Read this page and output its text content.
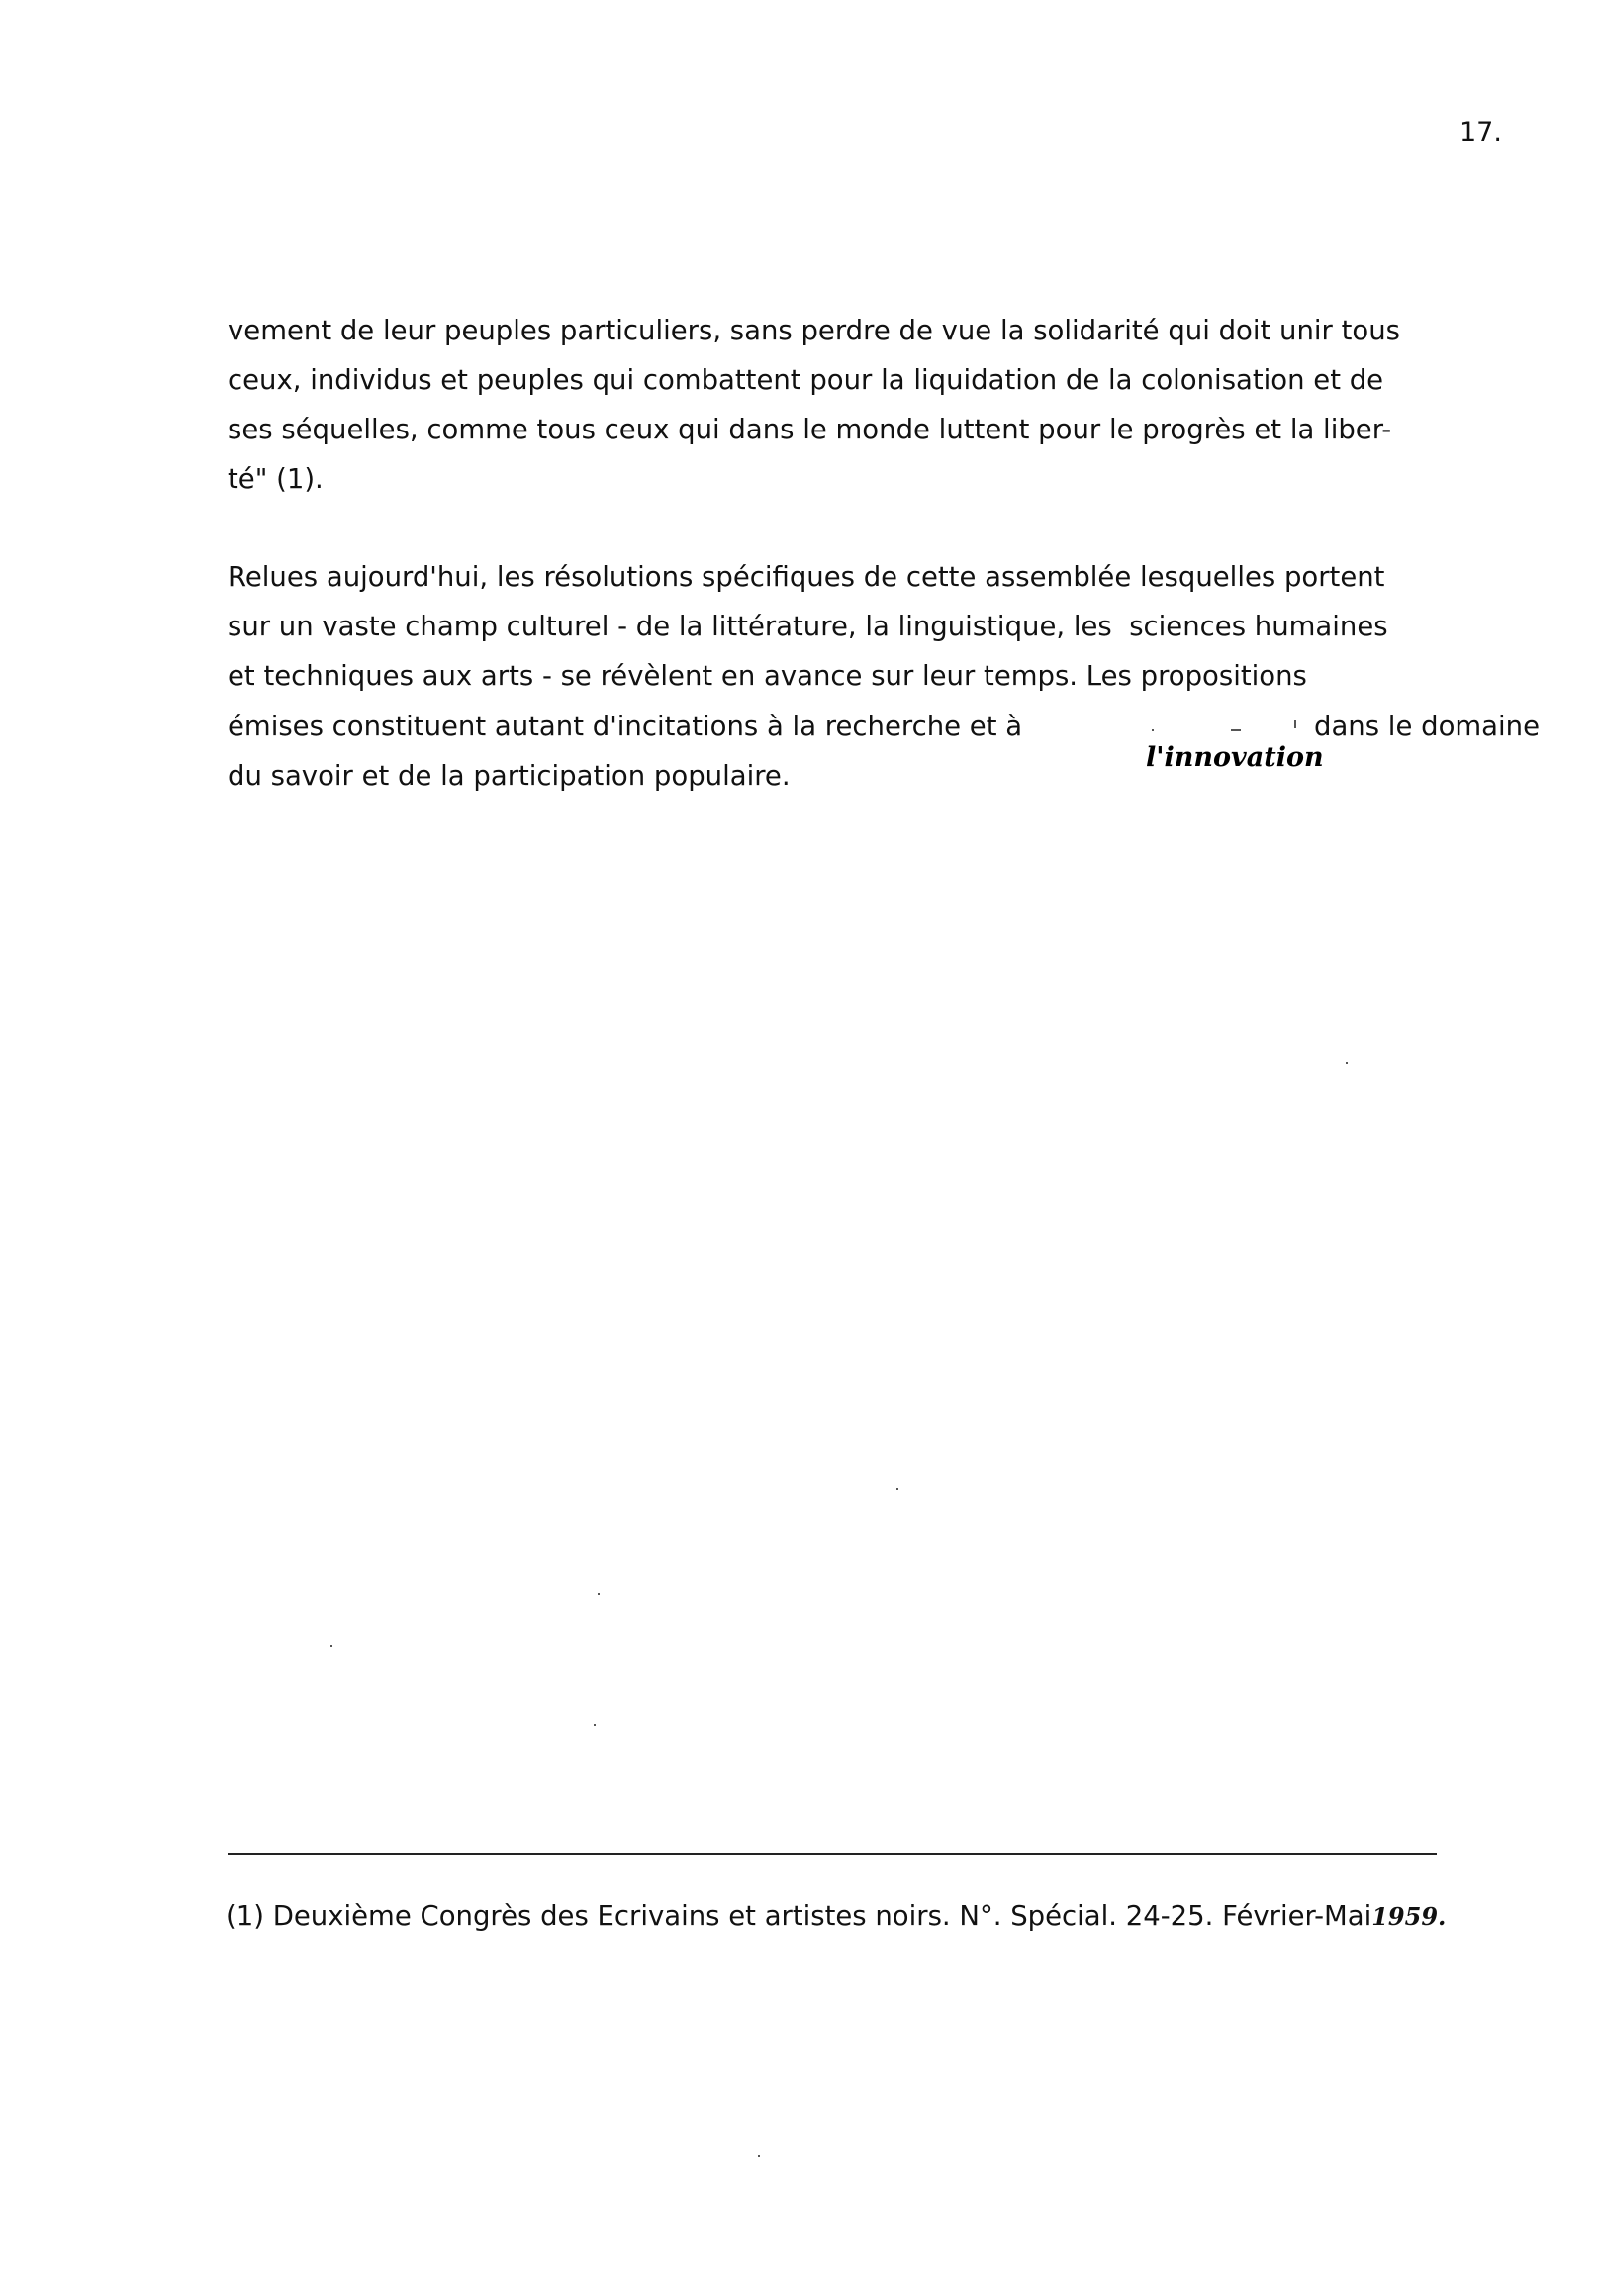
17.
vement de leur peuples particuliers, sans perdre de vue la solidarité qui doit unir tous
ceux, individus et peuples qui combattent pour la liquidation de la colonisation et de
ses séquelles, comme tous ceux qui dans le monde luttent pour le progrès et la liber-
té" (1).
Relues aujourd'hui, les résolutions spécifiques de cette assemblée lesquelles portent
sur un vaste champ culturel - de la littérature, la linguistique, les  sciences humaines
et techniques aux arts - se révèlent en avance sur leur temps. Les propositions
émises constituent autant d'incitations à la recherche et à	dans le domaine
du savoir et de la participation populaire.
l'innovation
(1) Deuxième Congrès des Ecrivains et artistes noirs. N°. Spécial. 24-25. Février-Mai1959.
